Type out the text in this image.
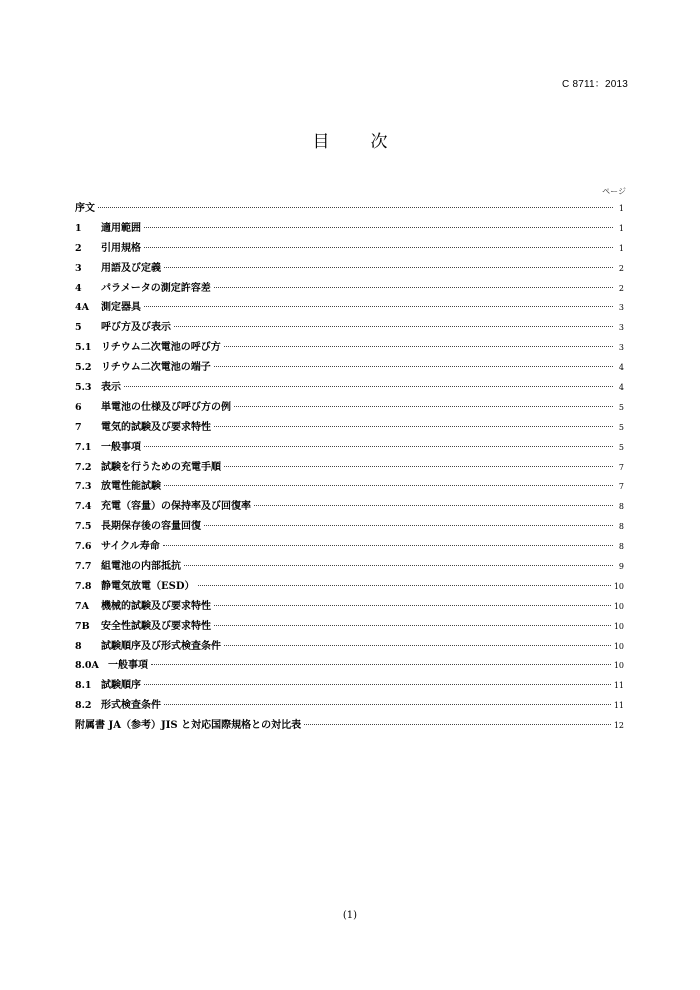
C 8711：2013
目　次
ページ
序文	1
1	適用範囲	1
2	引用規格	1
3	用語及び定義	2
4	パラメータの測定許容差	2
4A	測定器具	3
5	呼び方及び表示	3
5.1 リチウム二次電池の呼び方	3
5.2 リチウム二次電池の端子	4
5.3 表示	4
6	単電池の仕様及び呼び方の例	5
7	電気的試験及び要求特性	5
7.1 一般事項	5
7.2 試験を行うための充電手順	7
7.3 放電性能試験	7
7.4 充電（容量）の保持率及び回復率	8
7.5 長期保存後の容量回復	8
7.6 サイクル寿命	8
7.7 組電池の内部抵抗	9
7.8 静電気放電（ESD）	10
7A	機械的試験及び要求特性	10
7B	安全性試験及び要求特性	10
8	試験順序及び形式検査条件	10
8.0A 一般事項	10
8.1 試験順序	11
8.2 形式検査条件	11
附属書 JA（参考）JIS と対応国際規格との対比表	12
(1)
